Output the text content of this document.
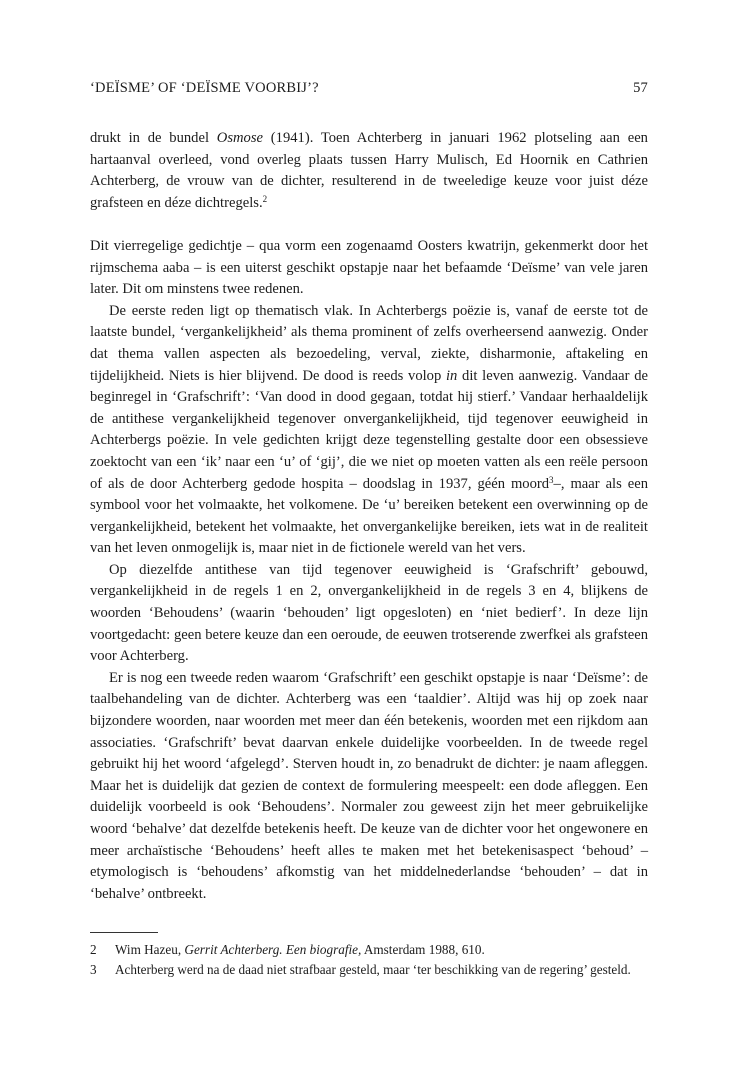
‘DEÏSME’ OF ‘DEÏSME VOORBIJ’?	57

drukt in de bundel Osmose (1941). Toen Achterberg in januari 1962 plotseling aan een hartaanval overleed, vond overleg plaats tussen Harry Mulisch, Ed Hoornik en Cathrien Achterberg, de vrouw van de dichter, resulterend in de tweeledige keuze voor juist déze grafsteen en déze dichtregels.$^2$

Dit vierregelige gedichtje – qua vorm een zogenaamd Oosters kwatrijn, gekenmerkt door het rijmschema aaba – is een uiterst geschikt opstapje naar het befaamde ‘Deïsme’ van vele jaren later. Dit om minstens twee redenen.

De eerste reden ligt op thematisch vlak. In Achterbergs poëzie is, vanaf de eerste tot de laatste bundel, ‘vergankelijkheid’ als thema prominent of zelfs overheersend aanwezig. Onder dat thema vallen aspecten als bezoedeling, verval, ziekte, disharmonie, aftakeling en tijdelijkheid. Niets is hier blijvend. De dood is reeds volop in dit leven aanwezig. Vandaar de beginregel in ‘Grafschrift’: ‘Van dood in dood gegaan, totdat hij stierf.’ Vandaar herhaaldelijk de antithese vergankelijkheid tegenover onvergankelijkheid, tijd tegenover eeuwigheid in Achterbergs poëzie. In vele gedichten krijgt deze tegenstelling gestalte door een obsessieve zoektocht van een ‘ik’ naar een ‘u’ of ‘gij’, die we niet op moeten vatten als een reële persoon of als de door Achterberg gedode hospita – doodslag in 1937, géén moord$^3$–, maar als een symbool voor het volmaakte, het volkomene. De ‘u’ bereiken betekent een overwinning op de vergankelijkheid, betekent het volmaakte, het onvergankelijke bereiken, iets wat in de realiteit van het leven onmogelijk is, maar niet in de fictionele wereld van het vers.

Op diezelfde antithese van tijd tegenover eeuwigheid is ‘Grafschrift’ gebouwd, vergankelijkheid in de regels 1 en 2, onvergankelijkheid in de regels 3 en 4, blijkens de woorden ‘Behoudens’ (waarin ‘behouden’ ligt opgesloten) en ‘niet bedierf’. In deze lijn voortgedacht: geen betere keuze dan een oeroude, de eeuwen trotserende zwerfkei als grafsteen voor Achterberg.

Er is nog een tweede reden waarom ‘Grafschrift’ een geschikt opstapje is naar ‘Deïsme’: de taalbehandeling van de dichter. Achterberg was een ‘taaldier’. Altijd was hij op zoek naar bijzondere woorden, naar woorden met meer dan één betekenis, woorden met een rijkdom aan associaties. ‘Grafschrift’ bevat daarvan enkele duidelijke voorbeelden. In de tweede regel gebruikt hij het woord ‘afgelegd’. Sterven houdt in, zo benadrukt de dichter: je naam afleggen. Maar het is duidelijk dat gezien de context de formulering meespeelt: een dode afleggen. Een duidelijk voorbeeld is ook ‘Behoudens’. Normaler zou geweest zijn het meer gebruikelijke woord ‘behalve’ dat dezelfde betekenis heeft. De keuze van de dichter voor het ongewonere en meer archaïstische ‘Behoudens’ heeft alles te maken met het betekenisaspect ‘behoud’ – etymologisch is ‘behoudens’ afkomstig van het middelnederlandse ‘behouden’ – dat in ‘behalve’ ontbreekt.

2 Wim Hazeu, Gerrit Achterberg. Een biografie, Amsterdam 1988, 610.
3 Achterberg werd na de daad niet strafbaar gesteld, maar ‘ter beschikking van de regering’ gesteld.
